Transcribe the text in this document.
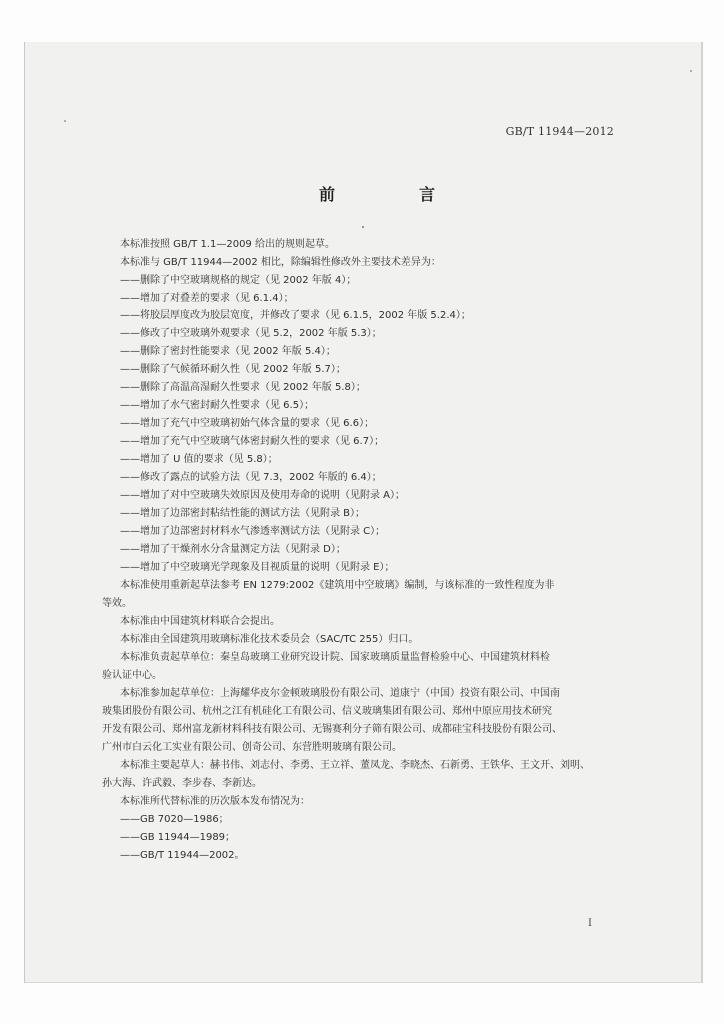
GB/T 11944—2012
前　言
本标准按照 GB/T 1.1—2009 给出的规则起草。
本标准与 GB/T 11944—2002 相比，除编辑性修改外主要技术差异为：
——删除了中空玻璃规格的规定（见 2002 年版 4）；
——增加了对叠差的要求（见 6.1.4）；
——将胶层厚度改为胶层宽度，并修改了要求（见 6.1.5，2002 年版 5.2.4）；
——修改了中空玻璃外观要求（见 5.2，2002 年版 5.3）；
——删除了密封性能要求（见 2002 年版 5.4）；
——删除了气候循环耐久性（见 2002 年版 5.7）；
——删除了高温高湿耐久性要求（见 2002 年版 5.8）；
——增加了水气密封耐久性要求（见 6.5）；
——增加了充气中空玻璃初始气体含量的要求（见 6.6）；
——增加了充气中空玻璃气体密封耐久性的要求（见 6.7）；
——增加了 U 值的要求（见 5.8）；
——修改了露点的试验方法（见 7.3，2002 年版的 6.4）；
——增加了对中空玻璃失效原因及使用寿命的说明（见附录 A）；
——增加了边部密封粘结性能的测试方法（见附录 B）；
——增加了边部密封材料水气渗透率测试方法（见附录 C）；
——增加了干燥剂水分含量测定方法（见附录 D）；
——增加了中空玻璃光学现象及目视质量的说明（见附录 E）；
本标准使用重新起草法参考 EN 1279:2002《建筑用中空玻璃》编制，与该标准的一致性程度为非
等效。
本标准由中国建筑材料联合会提出。
本标准由全国建筑用玻璃标准化技术委员会（SAC/TC 255）归口。
本标准负责起草单位：秦皇岛玻璃工业研究设计院、国家玻璃质量监督检验中心、中国建筑材料检
验认证中心。
本标准参加起草单位：上海耀华皮尔金顿玻璃股份有限公司、道康宁（中国）投资有限公司、中国南
玻集团股份有限公司、杭州之江有机硅化工有限公司、信义玻璃集团有限公司、郑州中原应用技术研究
开发有限公司、郑州富龙新材料科技有限公司、无锡赛利分子筛有限公司、成都硅宝科技股份有限公司、
广州市白云化工实业有限公司、创奇公司、东营胜明玻璃有限公司。
本标准主要起草人：赫书伟、刘志付、李勇、王立祥、董凤龙、李晓杰、石新勇、王铁华、王文开、刘明、
孙大海、许武毅、李步春、李新达。
本标准所代替标准的历次版本发布情况为：
——GB 7020—1986；
——GB 11944—1989；
——GB/T 11944—2002。
I
